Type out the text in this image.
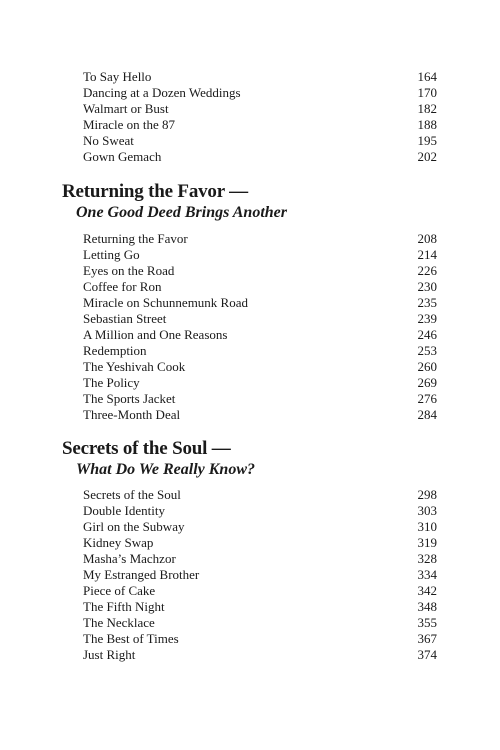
To Say Hello	164
Dancing at a Dozen Weddings	170
Walmart or Bust	182
Miracle on the 87	188
No Sweat	195
Gown Gemach	202
Returning the Favor —
One Good Deed Brings Another
Returning the Favor	208
Letting Go	214
Eyes on the Road	226
Coffee for Ron	230
Miracle on Schunnemunk Road	235
Sebastian Street	239
A Million and One Reasons	246
Redemption	253
The Yeshivah Cook	260
The Policy	269
The Sports Jacket	276
Three-Month Deal	284
Secrets of the Soul —
What Do We Really Know?
Secrets of the Soul	298
Double Identity	303
Girl on the Subway	310
Kidney Swap	319
Masha’s Machzor	328
My Estranged Brother	334
Piece of Cake	342
The Fifth Night	348
The Necklace	355
The Best of Times	367
Just Right	374
